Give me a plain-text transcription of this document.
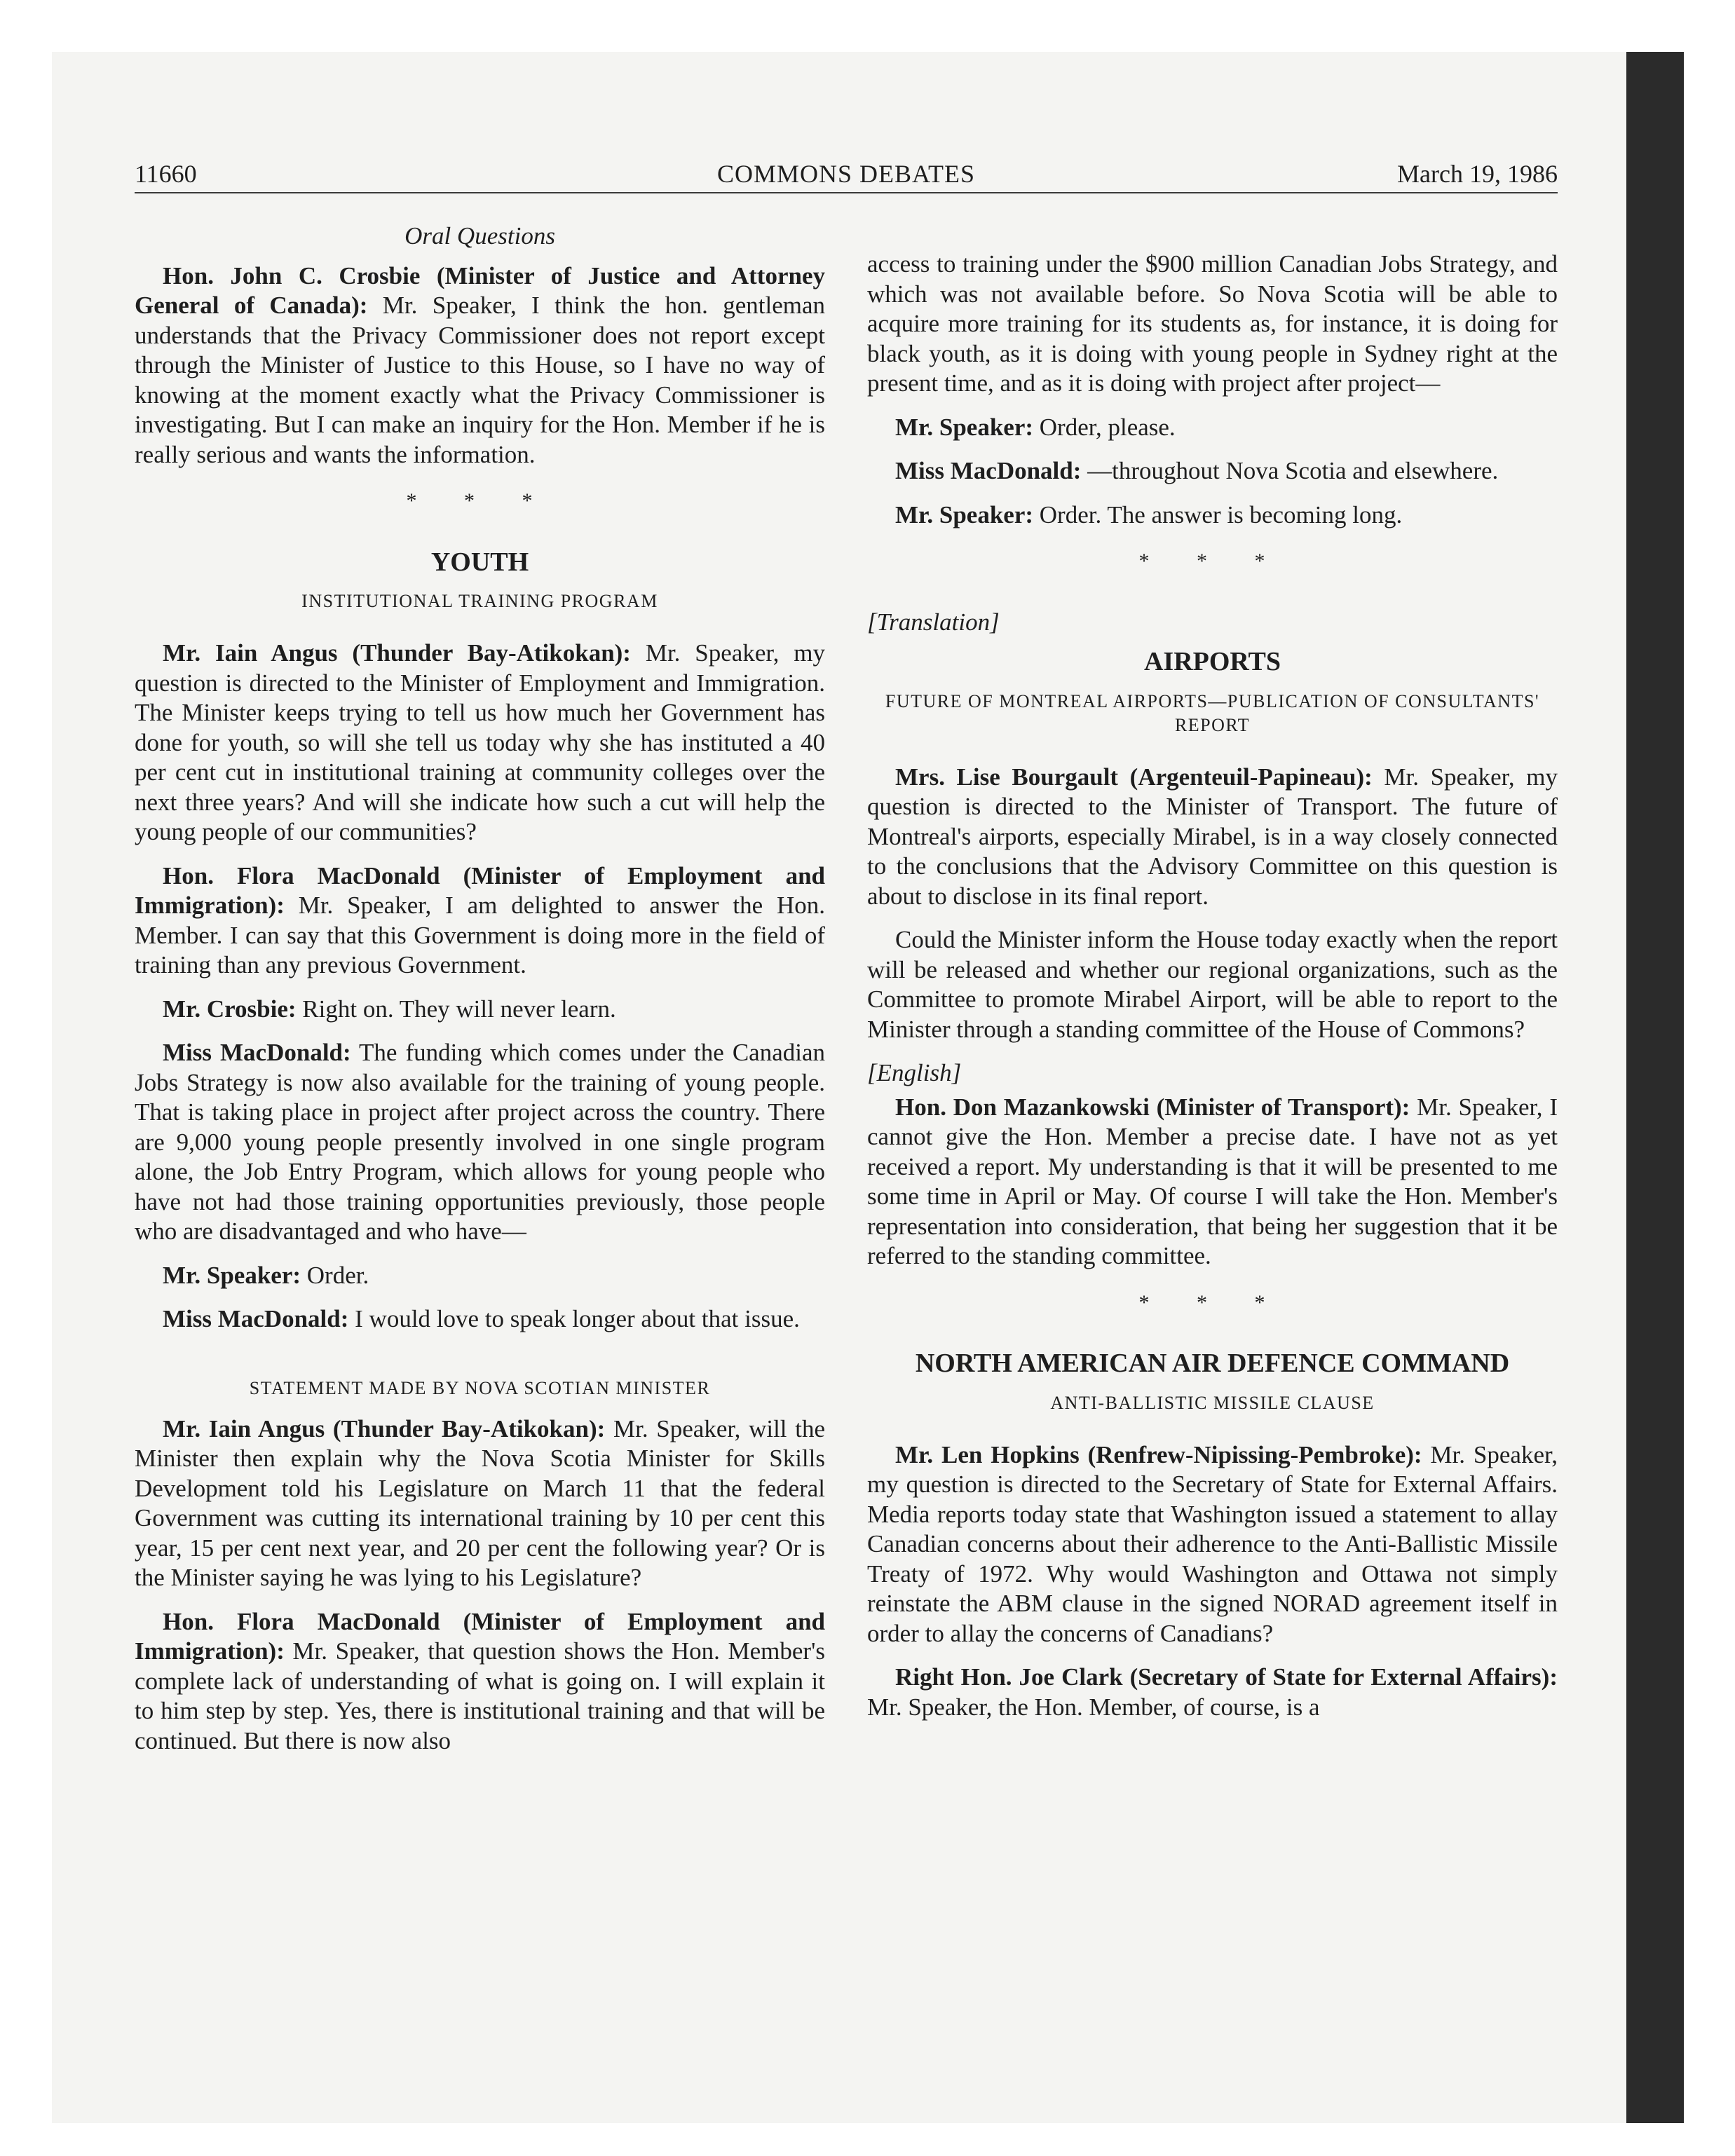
11660	COMMONS DEBATES	March 19, 1986
Oral Questions

Hon. John C. Crosbie (Minister of Justice and Attorney General of Canada): Mr. Speaker, I think the hon. gentleman understands that the Privacy Commissioner does not report except through the Minister of Justice to this House, so I have no way of knowing at the moment exactly what the Privacy Commissioner is investigating. But I can make an inquiry for the Hon. Member if he is really serious and wants the information.

* * *
YOUTH
INSTITUTIONAL TRAINING PROGRAM

Mr. Iain Angus (Thunder Bay-Atikokan): Mr. Speaker, my question is directed to the Minister of Employment and Immigration. The Minister keeps trying to tell us how much her Government has done for youth, so will she tell us today why she has instituted a 40 per cent cut in institutional training at community colleges over the next three years? And will she indicate how such a cut will help the young people of our communities?

Hon. Flora MacDonald (Minister of Employment and Immigration): Mr. Speaker, I am delighted to answer the Hon. Member. I can say that this Government is doing more in the field of training than any previous Government.

Mr. Crosbie: Right on. They will never learn.

Miss MacDonald: The funding which comes under the Canadian Jobs Strategy is now also available for the training of young people. That is taking place in project after project across the country. There are 9,000 young people presently involved in one single program alone, the Job Entry Program, which allows for young people who have not had those training opportunities previously, those people who are disadvantaged and who have—

Mr. Speaker: Order.

Miss MacDonald: I would love to speak longer about that issue.

STATEMENT MADE BY NOVA SCOTIAN MINISTER

Mr. Iain Angus (Thunder Bay-Atikokan): Mr. Speaker, will the Minister then explain why the Nova Scotia Minister for Skills Development told his Legislature on March 11 that the federal Government was cutting its international training by 10 per cent this year, 15 per cent next year, and 20 per cent the following year? Or is the Minister saying he was lying to his Legislature?

Hon. Flora MacDonald (Minister of Employment and Immigration): Mr. Speaker, that question shows the Hon. Member's complete lack of understanding of what is going on. I will explain it to him step by step. Yes, there is institutional training and that will be continued. But there is now also

access to training under the $900 million Canadian Jobs Strategy, and which was not available before. So Nova Scotia will be able to acquire more training for its students as, for instance, it is doing for black youth, as it is doing with young people in Sydney right at the present time, and as it is doing with project after project—

Mr. Speaker: Order, please.

Miss MacDonald: —throughout Nova Scotia and elsewhere.

Mr. Speaker: Order. The answer is becoming long.

* * *
[Translation]
AIRPORTS
FUTURE OF MONTREAL AIRPORTS—PUBLICATION OF CONSULTANTS' REPORT

Mrs. Lise Bourgault (Argenteuil-Papineau): Mr. Speaker, my question is directed to the Minister of Transport. The future of Montreal's airports, especially Mirabel, is in a way closely connected to the conclusions that the Advisory Committee on this question is about to disclose in its final report.

Could the Minister inform the House today exactly when the report will be released and whether our regional organizations, such as the Committee to promote Mirabel Airport, will be able to report to the Minister through a standing committee of the House of Commons?

[English]

Hon. Don Mazankowski (Minister of Transport): Mr. Speaker, I cannot give the Hon. Member a precise date. I have not as yet received a report. My understanding is that it will be presented to me some time in April or May. Of course I will take the Hon. Member's representation into consideration, that being her suggestion that it be referred to the standing committee.

* * *
NORTH AMERICAN AIR DEFENCE COMMAND
ANTI-BALLISTIC MISSILE CLAUSE

Mr. Len Hopkins (Renfrew-Nipissing-Pembroke): Mr. Speaker, my question is directed to the Secretary of State for External Affairs. Media reports today state that Washington issued a statement to allay Canadian concerns about their adherence to the Anti-Ballistic Missile Treaty of 1972. Why would Washington and Ottawa not simply reinstate the ABM clause in the signed NORAD agreement itself in order to allay the concerns of Canadians?

Right Hon. Joe Clark (Secretary of State for External Affairs): Mr. Speaker, the Hon. Member, of course, is a
